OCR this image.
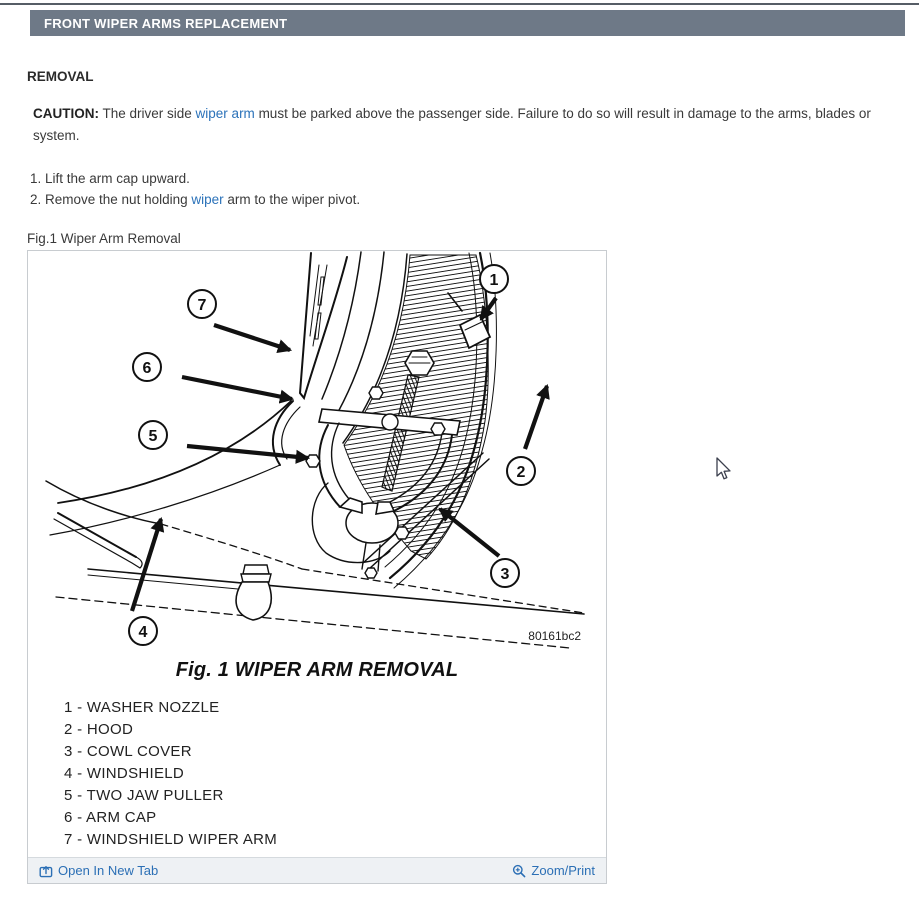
FRONT WIPER ARMS REPLACEMENT
REMOVAL

CAUTION: The driver side wiper arm must be parked above the passenger side. Failure to do so will result in damage to the arms, blades or system.

1. Lift the arm cap upward.
2. Remove the nut holding wiper arm to the wiper pivot.
Fig.1 Wiper Arm Removal
1
2
3
4
5
6
7
80161bc2
Fig. 1 WIPER ARM REMOVAL
1 - WASHER NOZZLE
2 - HOOD
3 - COWL COVER
4 - WINDSHIELD
5 - TWO JAW PULLER
6 - ARM CAP
7 - WINDSHIELD WIPER ARM
Open In New Tab	Zoom/Print
